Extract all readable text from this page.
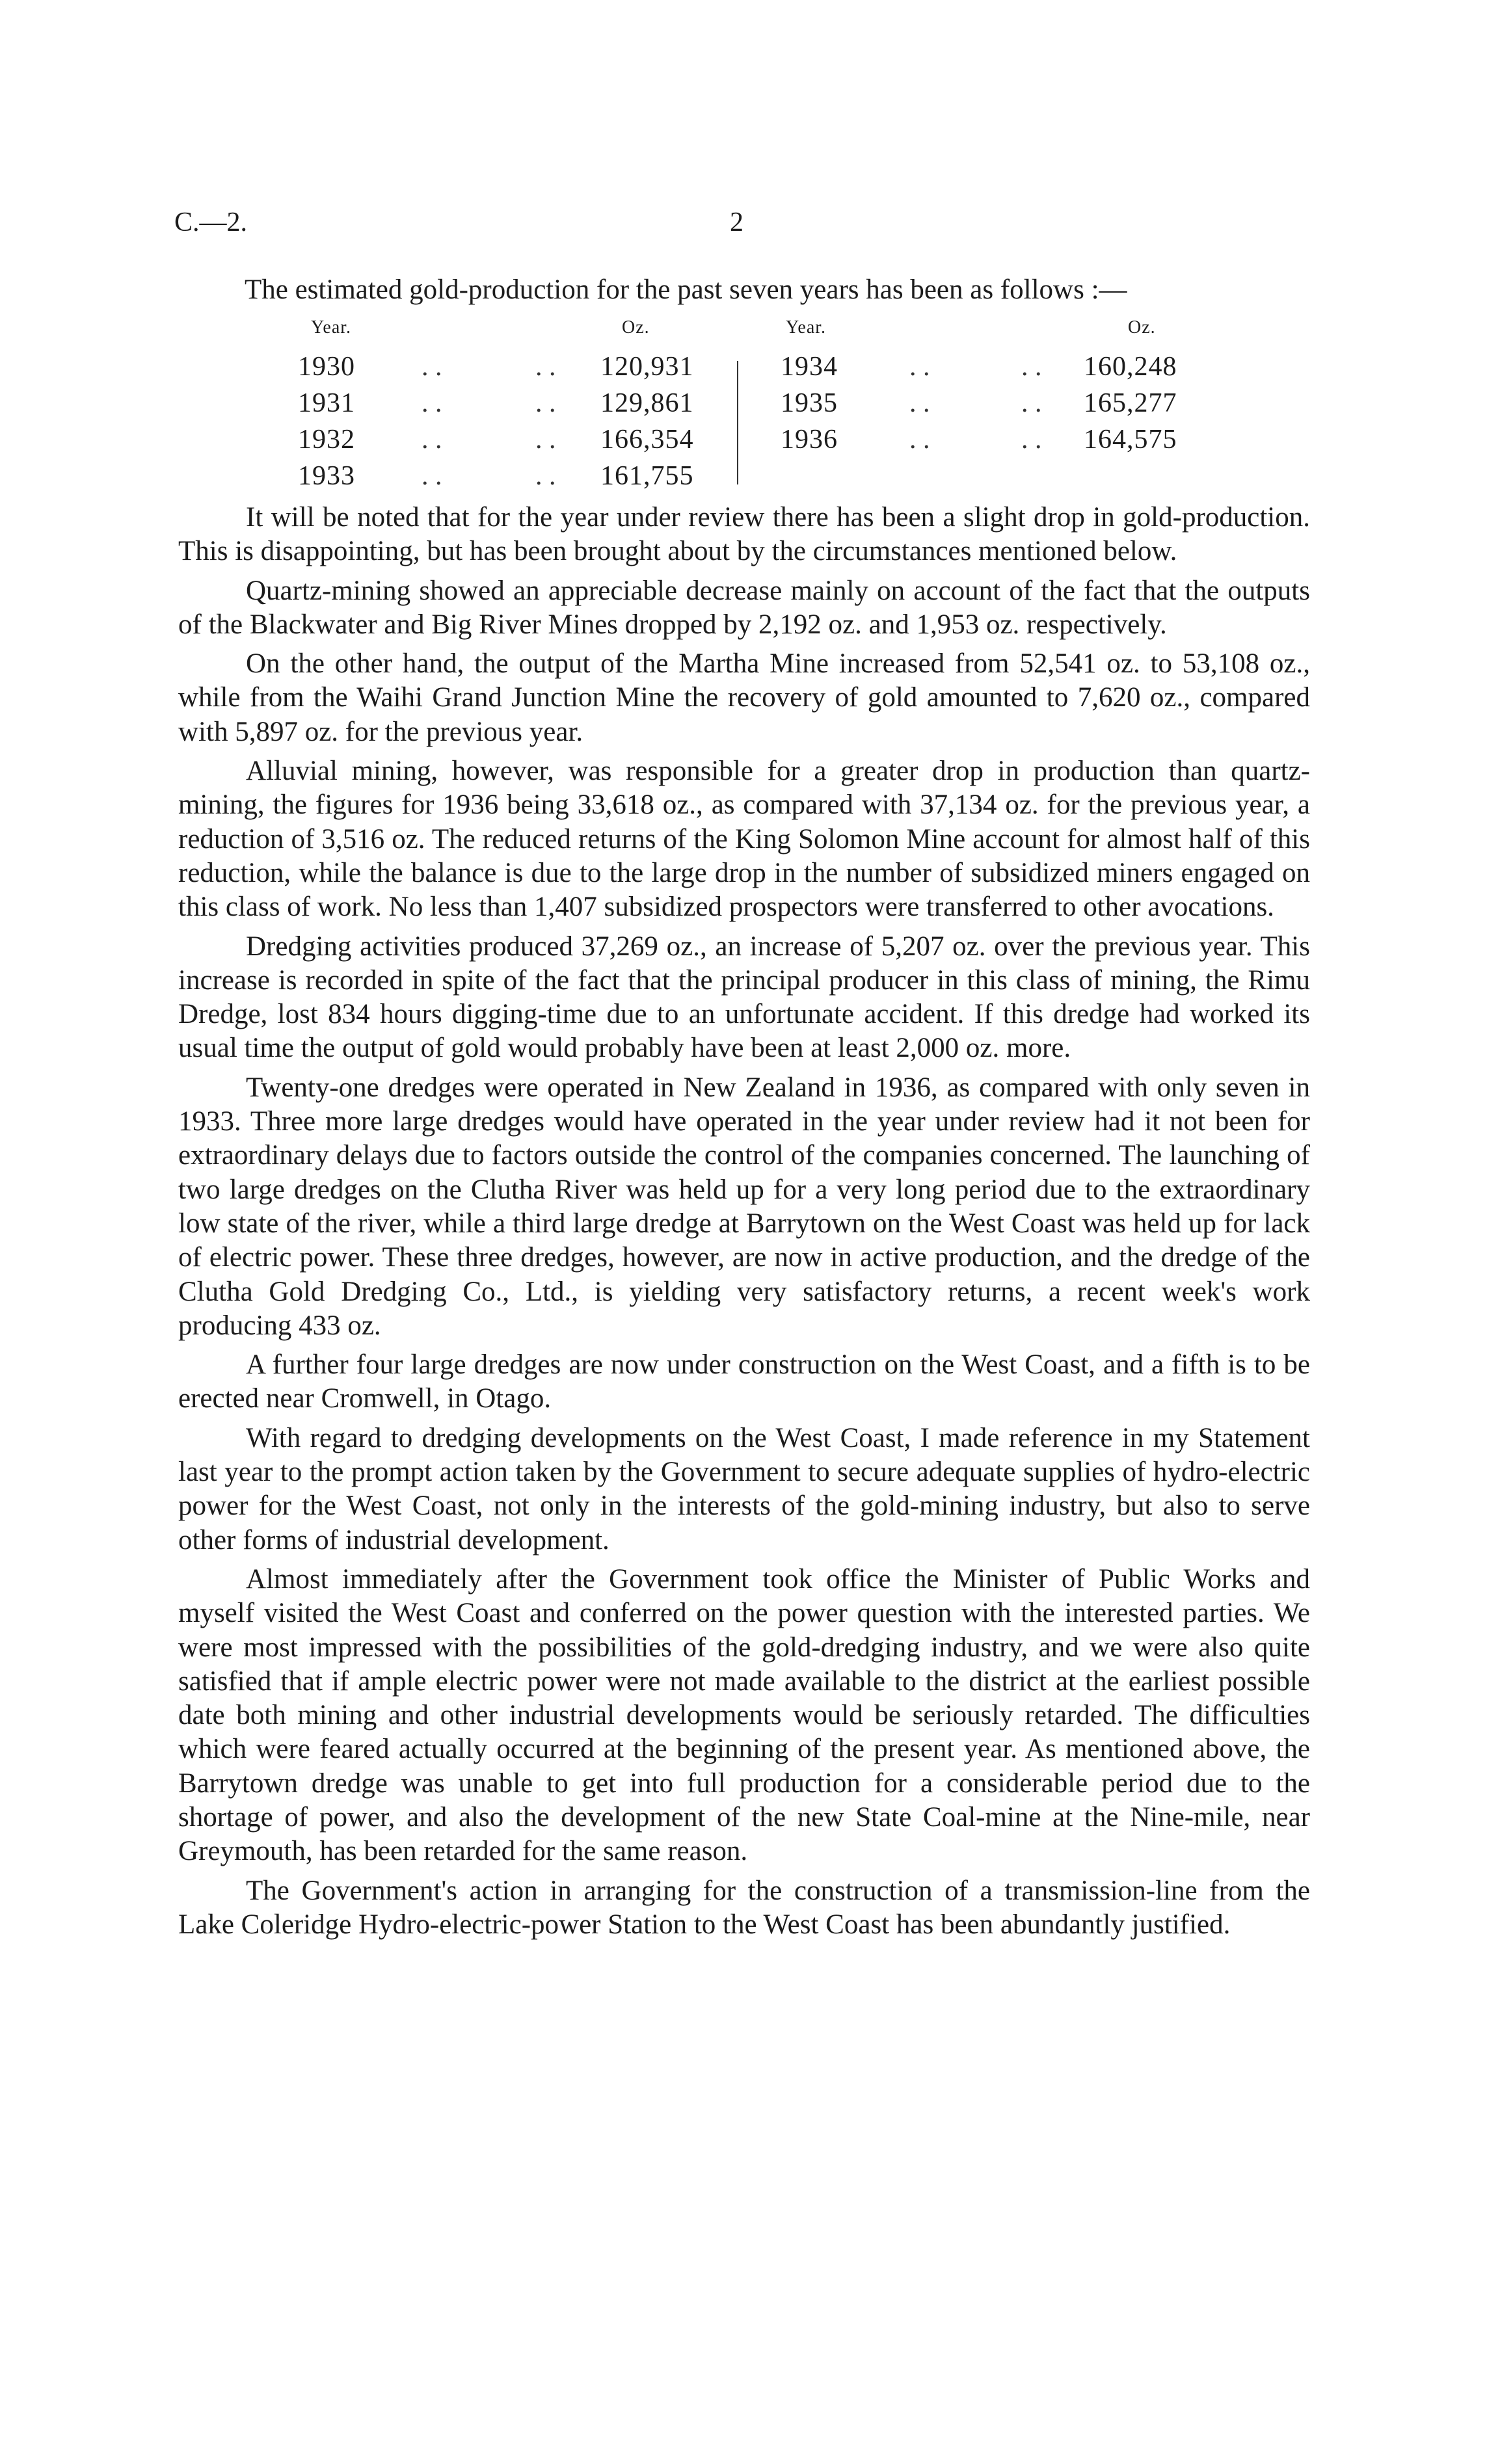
C.—2.	2
The estimated gold-production for the past seven years has been as follows :—
Year.	Oz.	Year.	Oz.
1930 . .	. . 120,931
1931 . .	. . 129,861
1932 . .	. . 166,354
1933 . .	. . 161,755
1934	. .	. . 160,248
1935	. .	. . 165,277
1936	. .	. . 164,575

It will be noted that for the year under review there has been a slight drop in gold-production. This is disappointing, but has been brought about by the circumstances mentioned below.

Quartz-mining showed an appreciable decrease mainly on account of the fact that the outputs of the Blackwater and Big River Mines dropped by 2,192 oz. and 1,953 oz. respectively.

On the other hand, the output of the Martha Mine increased from 52,541 oz. to 53,108 oz., while from the Waihi Grand Junction Mine the recovery of gold amounted to 7,620 oz., compared with 5,897 oz. for the previous year.

Alluvial mining, however, was responsible for a greater drop in production than quartz-mining, the figures for 1936 being 33,618 oz., as compared with 37,134 oz. for the previous year, a reduction of 3,516 oz. The reduced returns of the King Solomon Mine account for almost half of this reduction, while the balance is due to the large drop in the number of subsidized miners engaged on this class of work. No less than 1,407 subsidized prospectors were transferred to other avocations.

Dredging activities produced 37,269 oz., an increase of 5,207 oz. over the previous year. This increase is recorded in spite of the fact that the principal producer in this class of mining, the Rimu Dredge, lost 834 hours digging-time due to an unfortunate accident. If this dredge had worked its usual time the output of gold would probably have been at least 2,000 oz. more.

Twenty-one dredges were operated in New Zealand in 1936, as compared with only seven in 1933. Three more large dredges would have operated in the year under review had it not been for extraordinary delays due to factors outside the control of the companies concerned. The launching of two large dredges on the Clutha River was held up for a very long period due to the extraordinary low state of the river, while a third large dredge at Barrytown on the West Coast was held up for lack of electric power. These three dredges, however, are now in active production, and the dredge of the Clutha Gold Dredging Co., Ltd., is yielding very satisfactory returns, a recent week's work producing 433 oz.

A further four large dredges are now under construction on the West Coast, and a fifth is to be erected near Cromwell, in Otago.

With regard to dredging developments on the West Coast, I made reference in my Statement last year to the prompt action taken by the Government to secure adequate supplies of hydro-electric power for the West Coast, not only in the interests of the gold-mining industry, but also to serve other forms of industrial development.

Almost immediately after the Government took office the Minister of Public Works and myself visited the West Coast and conferred on the power question with the interested parties. We were most impressed with the possibilities of the gold-dredging industry, and we were also quite satisfied that if ample electric power were not made available to the district at the earliest possible date both mining and other industrial developments would be seriously retarded. The difficulties which were feared actually occurred at the beginning of the present year. As mentioned above, the Barrytown dredge was unable to get into full production for a considerable period due to the shortage of power, and also the development of the new State Coal-mine at the Nine-mile, near Greymouth, has been retarded for the same reason.

The Government's action in arranging for the construction of a transmission-line from the Lake Coleridge Hydro-electric-power Station to the West Coast has been abundantly justified.
